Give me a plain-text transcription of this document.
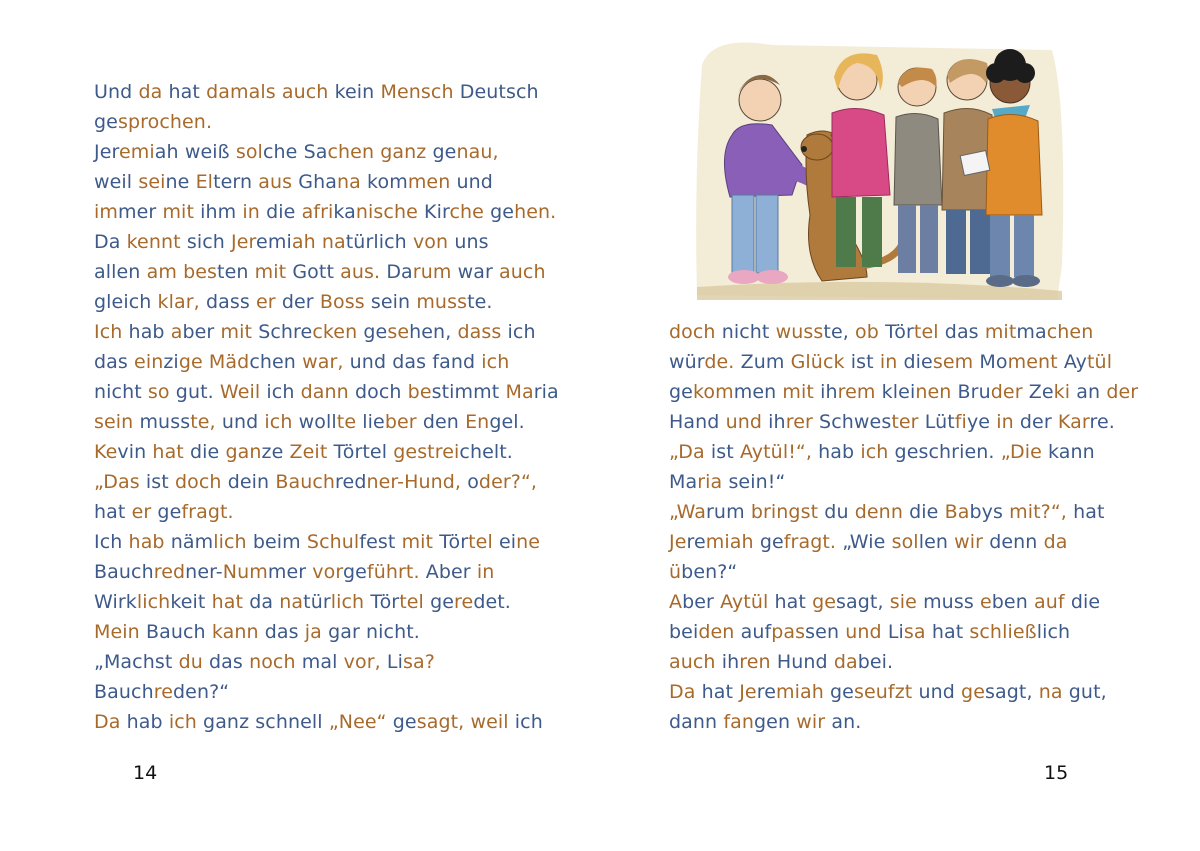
Und da hat damals auch kein Mensch Deutsch
gesprochen.
Jeremiah weiß solche Sachen ganz genau,
weil seine Eltern aus Ghana kommen und
immer mit ihm in die afrikanische Kirche gehen.
Da kennt sich Jeremiah natürlich von uns
allen am besten mit Gott aus. Darum war auch
gleich klar, dass er der Boss sein musste.
Ich hab aber mit Schrecken gesehen, dass ich
das einzige Mädchen war, und das fand ich
nicht so gut. Weil ich dann doch bestimmt Maria
sein musste, und ich wollte lieber den Engel.
Kevin hat die ganze Zeit Törtel gestreichelt.
„Das ist doch dein Bauchredner-Hund, oder?“,
hat er gefragt.
Ich hab nämlich beim Schulfest mit Törtel eine
Bauchredner-Nummer vorgeführt. Aber in
Wirklichkeit hat da natürlich Törtel geredet.
Mein Bauch kann das ja gar nicht.
„Machst du das noch mal vor, Lisa?
Bauchreden?“
Da hab ich ganz schnell „Nee“ gesagt, weil ich
14
doch nicht wusste, ob Törtel das mitmachen
würde. Zum Glück ist in diesem Moment Aytül
gekommen mit ihrem kleinen Bruder Zeki an der
Hand und ihrer Schwester Lütfiye in der Karre.
„Da ist Aytül!“, hab ich geschrien. „Die kann
Maria sein!“
„Warum bringst du denn die Babys mit?“, hat
Jeremiah gefragt. „Wie sollen wir denn da
üben?“
Aber Aytül hat gesagt, sie muss eben auf die
beiden aufpassen und Lisa hat schließlich
auch ihren Hund dabei.
Da hat Jeremiah geseufzt und gesagt, na gut,
dann fangen wir an.
15
